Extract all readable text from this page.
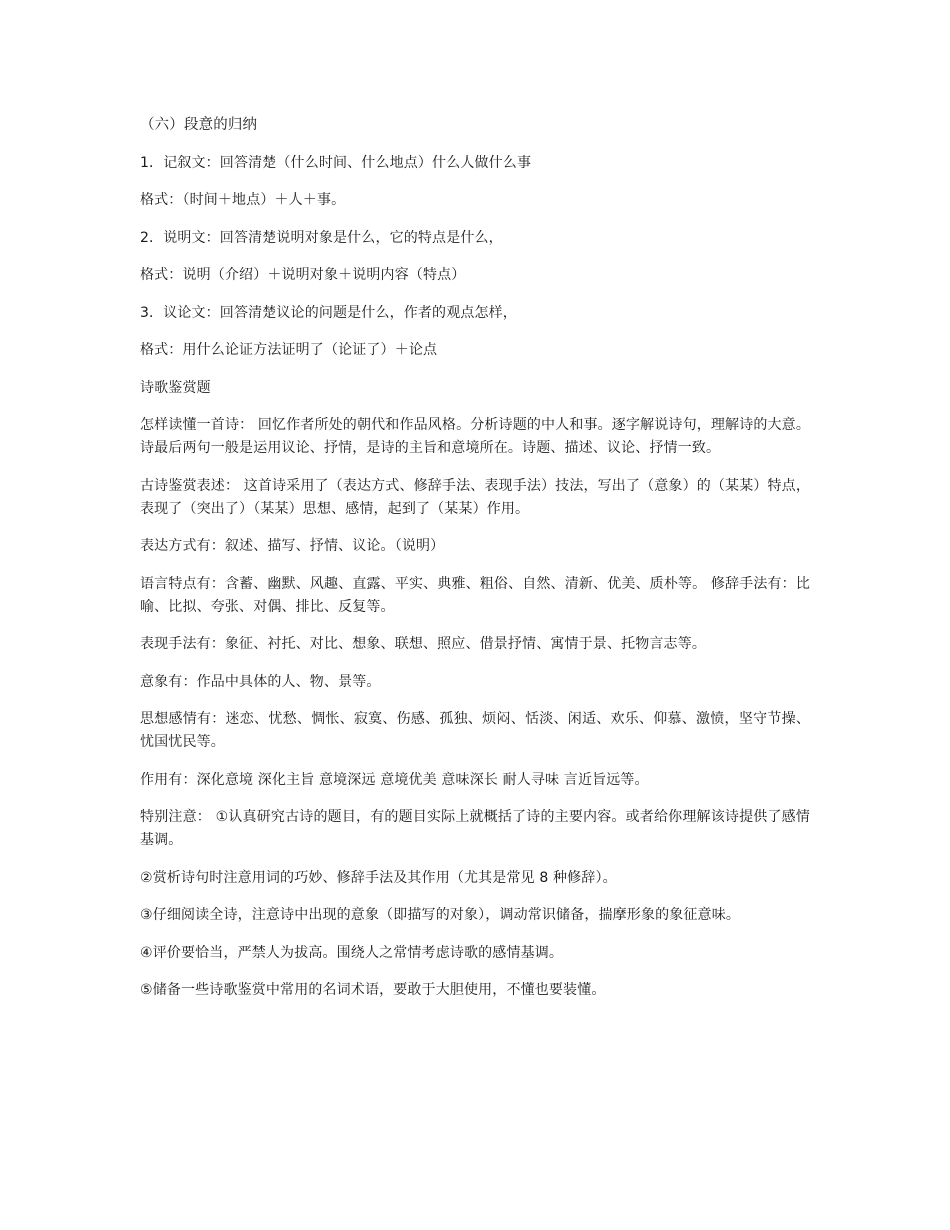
（六）段意的归纳

1．记叙文：回答清楚（什么时间、什么地点）什么人做什么事

格式：（时间＋地点）＋人＋事。

2．说明文：回答清楚说明对象是什么，它的特点是什么，

格式：说明（介绍）＋说明对象＋说明内容（特点）

3．议论文：回答清楚议论的问题是什么，作者的观点怎样，

格式：用什么论证方法证明了（论证了）＋论点

诗歌鉴赏题

怎样读懂一首诗： 回忆作者所处的朝代和作品风格。分析诗题的中人和事。逐字解说诗句，理解诗的大意。诗最后两句一般是运用议论、抒情，是诗的主旨和意境所在。诗题、描述、议论、抒情一致。

古诗鉴赏表述： 这首诗采用了（表达方式、修辞手法、表现手法）技法，写出了（意象）的（某某）特点，表现了（突出了）（某某）思想、感情，起到了（某某）作用。

表达方式有：叙述、描写、抒情、议论。（说明）

语言特点有：含蓄、幽默、风趣、直露、平实、典雅、粗俗、自然、清新、优美、质朴等。 修辞手法有：比喻、比拟、夸张、对偶、排比、反复等。

表现手法有：象征、衬托、对比、想象、联想、照应、借景抒情、寓情于景、托物言志等。

意象有：作品中具体的人、物、景等。

思想感情有：迷恋、忧愁、惆怅、寂寞、伤感、孤独、烦闷、恬淡、闲适、欢乐、仰慕、激愤，坚守节操、忧国忧民等。

作用有：深化意境 深化主旨 意境深远 意境优美 意味深长 耐人寻味 言近旨远等。

特别注意： ①认真研究古诗的题目，有的题目实际上就概括了诗的主要内容。或者给你理解该诗提供了感情基调。

②赏析诗句时注意用词的巧妙、修辞手法及其作用（尤其是常见 8 种修辞）。

③仔细阅读全诗，注意诗中出现的意象（即描写的对象），调动常识储备，揣摩形象的象征意味。

④评价要恰当，严禁人为拔高。围绕人之常情考虑诗歌的感情基调。

⑤储备一些诗歌鉴赏中常用的名词术语，要敢于大胆使用，不懂也要装懂。
